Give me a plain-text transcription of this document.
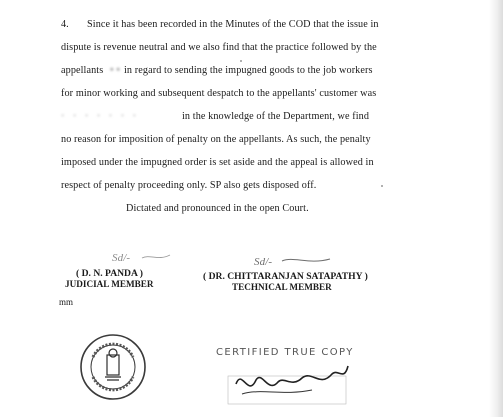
4. Since it has been recorded in the Minutes of the COD that the issue in
dispute is revenue neutral and we also find that the practice followed by the
appellants • • in regard to sending the impugned goods to the job workers
for minor working and subsequent despatch to the appellants' customer was
· · · · · · ·	in the knowledge of the Department, we find
no reason for imposition of penalty on the appellants. As such, the penalty
imposed under the impugned order is set aside and the appeal is allowed in
respect of penalty proceeding only. SP also gets disposed off.
Dictated and pronounced in the open Court.
Sd/-
( D. N. PANDA )
JUDICIAL MEMBER
Sd/-
( DR. CHITTARANJAN SATAPATHY )
TECHNICAL MEMBER
mm
CERTIFIED TRUE COPY
